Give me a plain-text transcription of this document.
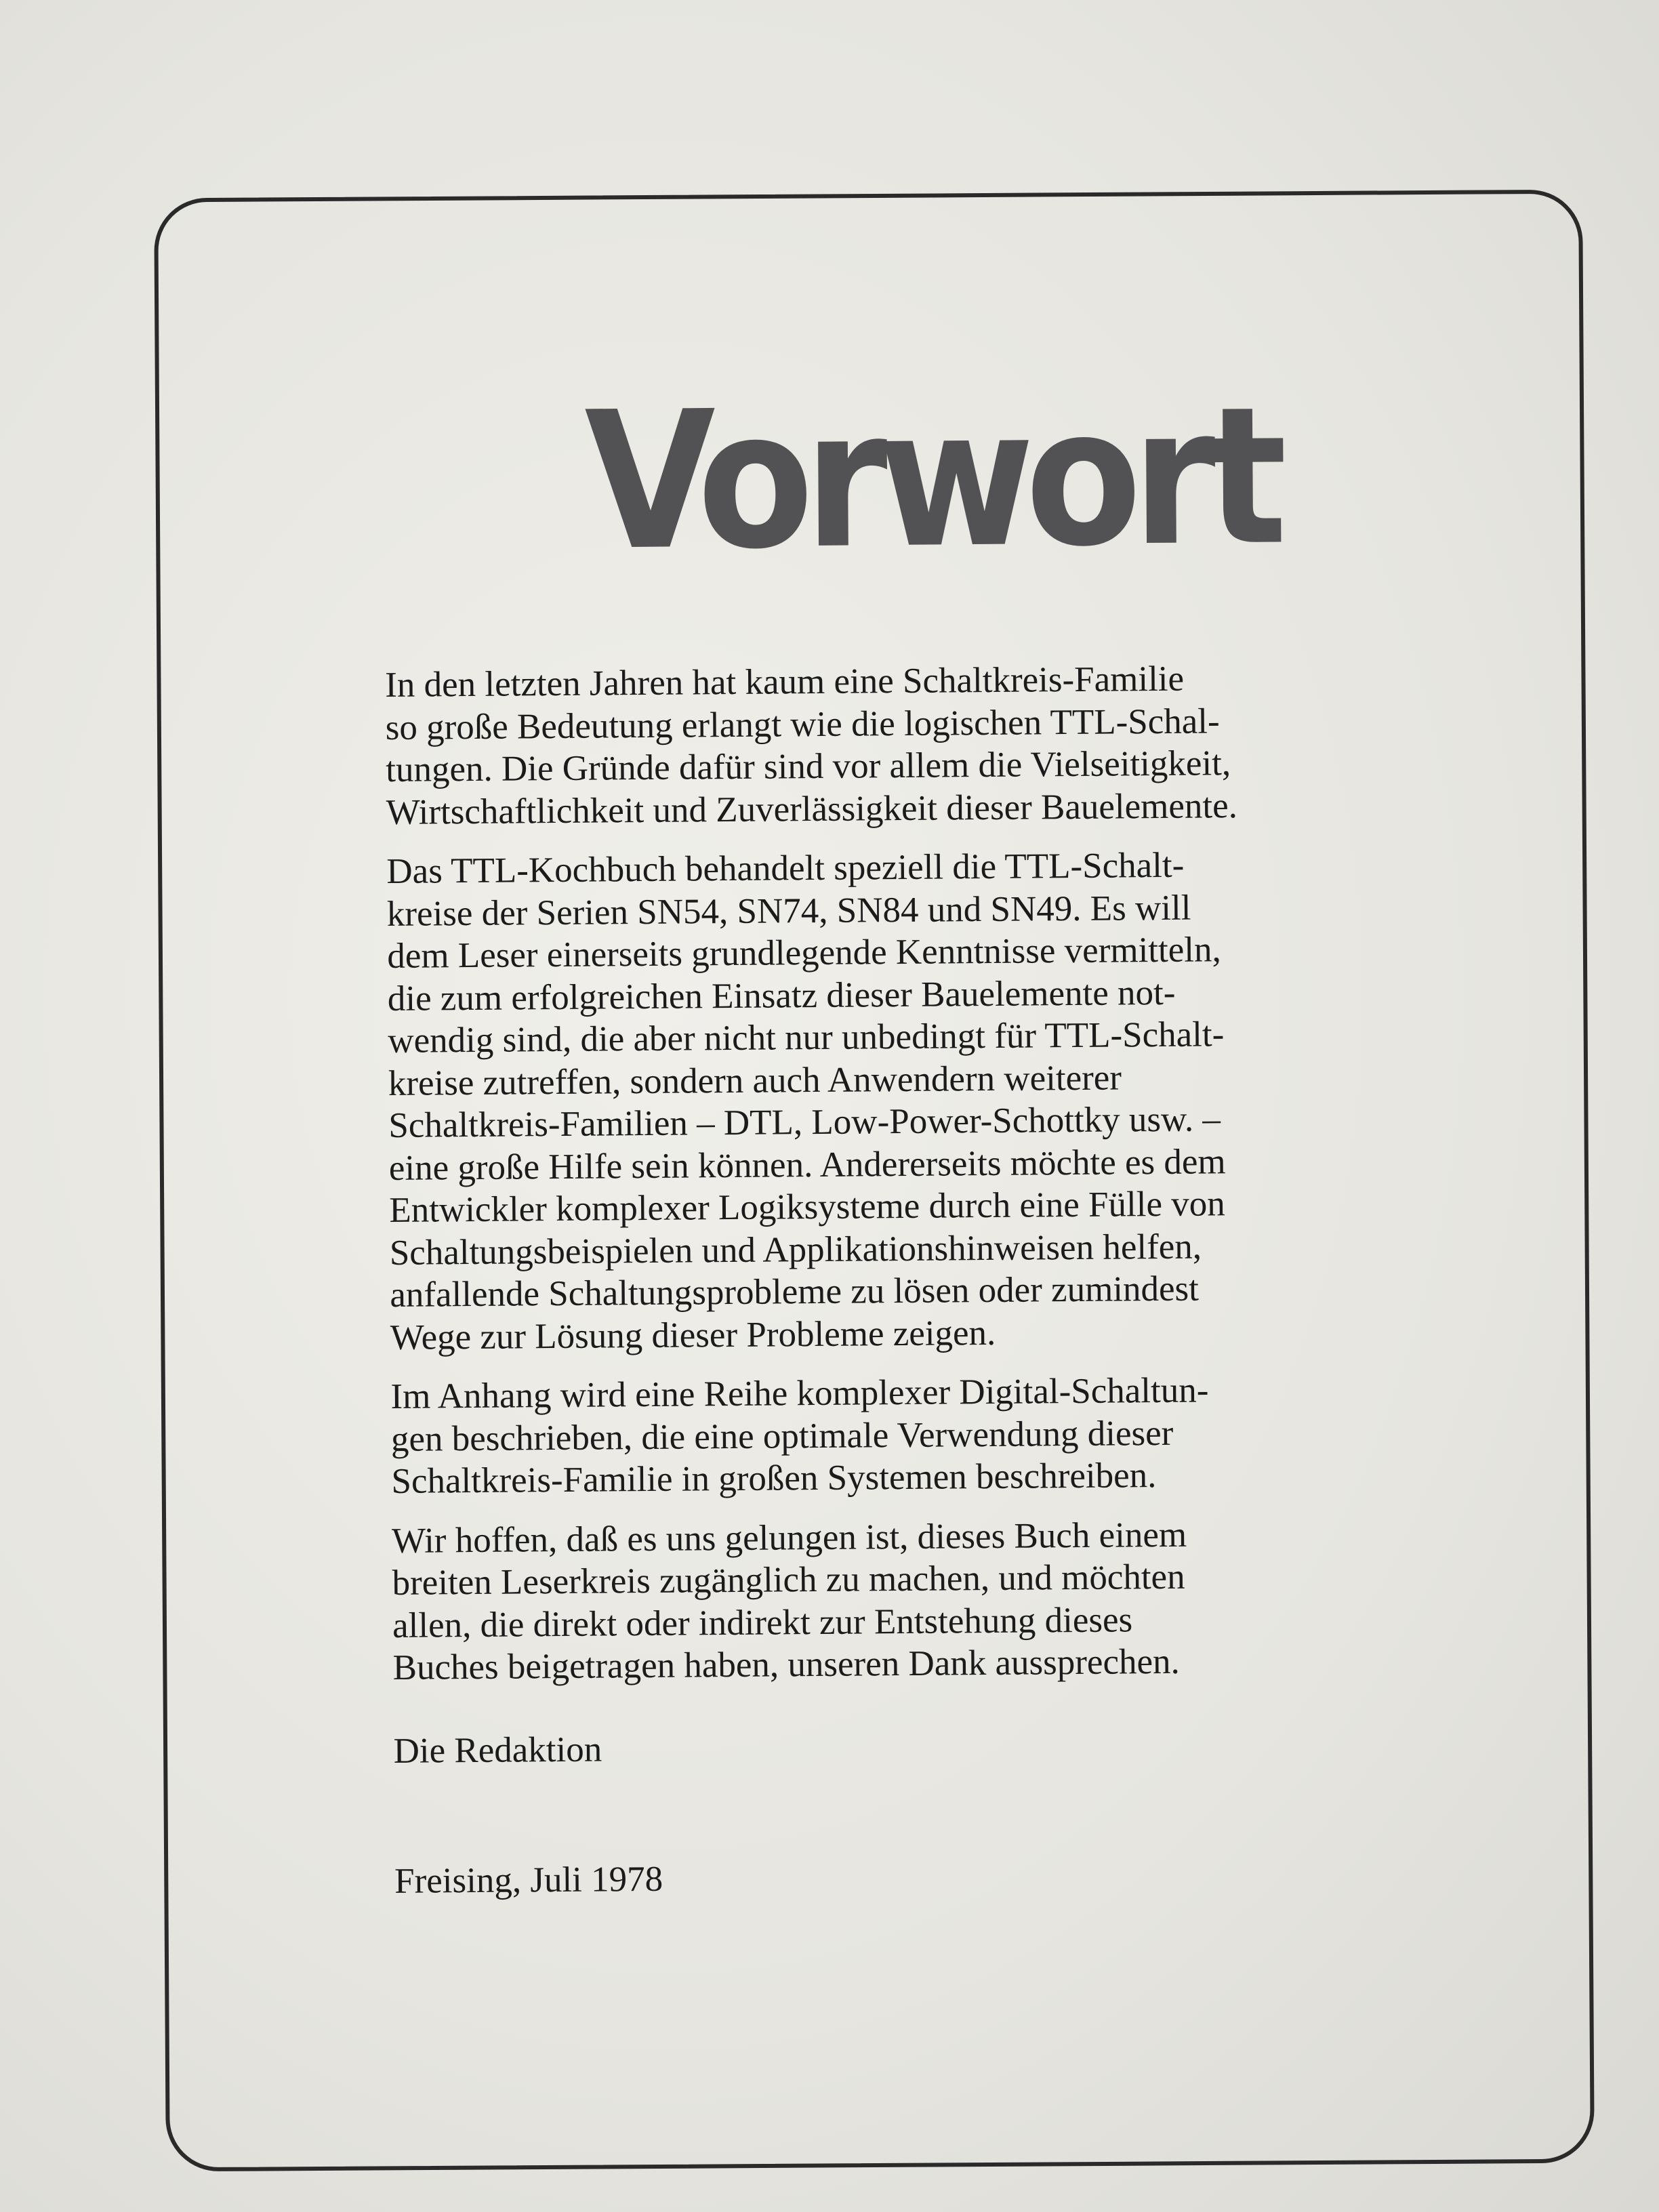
Vorwort

In den letzten Jahren hat kaum eine Schaltkreis-Familie
so große Bedeutung erlangt wie die logischen TTL-Schal-
tungen. Die Gründe dafür sind vor allem die Vielseitigkeit,
Wirtschaftlichkeit und Zuverlässigkeit dieser Bauelemente.

Das TTL-Kochbuch behandelt speziell die TTL-Schalt-
kreise der Serien SN54, SN74, SN84 und SN49. Es will
dem Leser einerseits grundlegende Kenntnisse vermitteln,
die zum erfolgreichen Einsatz dieser Bauelemente not-
wendig sind, die aber nicht nur unbedingt für TTL-Schalt-
kreise zutreffen, sondern auch Anwendern weiterer
Schaltkreis-Familien – DTL, Low-Power-Schottky usw. –
eine große Hilfe sein können. Andererseits möchte es dem
Entwickler komplexer Logiksysteme durch eine Fülle von
Schaltungsbeispielen und Applikationshinweisen helfen,
anfallende Schaltungsprobleme zu lösen oder zumindest
Wege zur Lösung dieser Probleme zeigen.

Im Anhang wird eine Reihe komplexer Digital-Schaltun-
gen beschrieben, die eine optimale Verwendung dieser
Schaltkreis-Familie in großen Systemen beschreiben.

Wir hoffen, daß es uns gelungen ist, dieses Buch einem
breiten Leserkreis zugänglich zu machen, und möchten
allen, die direkt oder indirekt zur Entstehung dieses
Buches beigetragen haben, unseren Dank aussprechen.

Die Redaktion

Freising, Juli 1978
